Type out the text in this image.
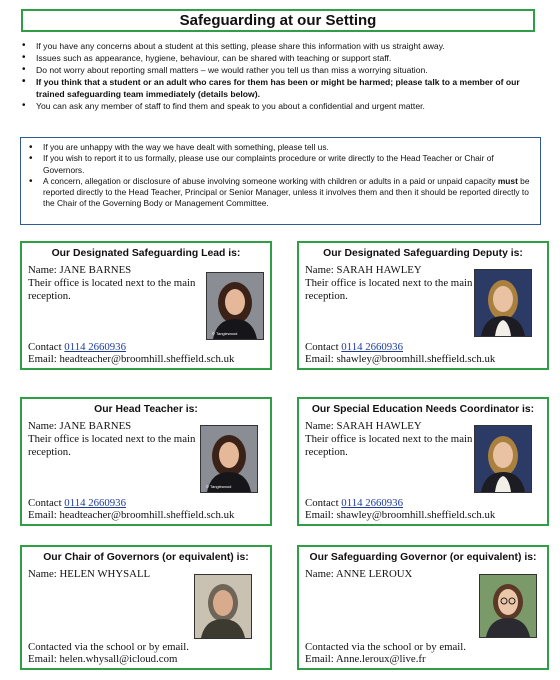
Safeguarding at our Setting
• If you have any concerns about a student at this setting, please share this information with us straight away.
• Issues such as appearance, hygiene, behaviour, can be shared with teaching or support staff.
• Do not worry about reporting small matters – we would rather you tell us than miss a worrying situation.
• If you think that a student or an adult who cares for them has been or might be harmed; please talk to a member of our trained safeguarding team immediately (details below).
• You can ask any member of staff to find them and speak to you about a confidential and urgent matter.
• If you are unhappy with the way we have dealt with something, please tell us.
• If you wish to report it to us formally, please use our complaints procedure or write directly to the Head Teacher or Chair of Governors.
• A concern, allegation or disclosure of abuse involving someone working with children or adults in a paid or unpaid capacity must be reported directly to the Head Teacher, Principal or Senior Manager, unless it involves them and then it should be reported directly to the Chair of the Governing Body or Management Committee.
Our Designated Safeguarding Lead is:
Name: JANE BARNES
Their office is located next to the main reception.
Contact 0114 2660936
Email: headteacher@broomhill.sheffield.sch.uk
© Tanglewood
Our Designated Safeguarding Deputy is:
Name: SARAH HAWLEY
Their office is located next to the main reception.
Contact 0114 2660936
Email: shawley@broomhill.sheffield.sch.uk
Our Head Teacher is:
Name: JANE BARNES
Their office is located next to the main reception.
Contact 0114 2660936
Email: headteacher@broomhill.sheffield.sch.uk
© Tanglewood
Our Special Education Needs Coordinator is:
Name: SARAH HAWLEY
Their office is located next to the main reception.
Contact 0114 2660936
Email: shawley@broomhill.sheffield.sch.uk
Our Chair of Governors (or equivalent) is:
Name: HELEN WHYSALL
Contacted via the school or by email.
Email: helen.whysall@icloud.com
Our Safeguarding Governor (or equivalent) is:
Name: ANNE LEROUX
Contacted via the school or by email.
Email: Anne.leroux@live.fr
